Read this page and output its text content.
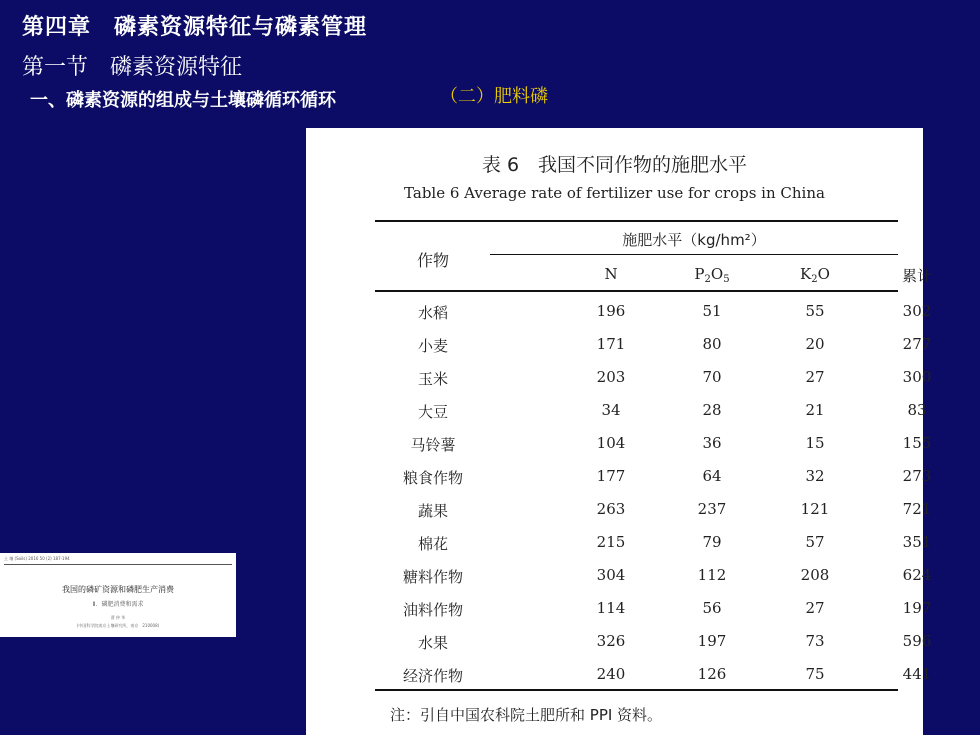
第四章　磷素资源特征与磷素管理
第一节　磷素资源特征
一、磷素资源的组成与土壤磷循环循环	（二）肥料磷
土 壤 (Soils) 2016 50 (2) 187-194
我国的磷矿资源和磷肥生产消费
Ⅱ．磷肥消费和需求
曹 仲 华
(中国科学院南京土壤研究所，南京　210008)
表 6　我国不同作物的施肥水平
Table 6 Average rate of fertilizer use for crops in China
作物
施肥水平（kg/hm²）
N	$P_2O_5$	$K_2O$	累计
水稻	196	51	55	302
小麦	171	80	20	277
玉米	203	70	27	300
大豆	34	28	21	83
马铃薯	104	36	15	155
粮食作物	177	64	32	273
蔬果	263	237	121	721
棉花	215	79	57	351
糖料作物	304	112	208	624
油料作物	114	56	27	197
水果	326	197	73	596
经济作物	240	126	75	441
注：引自中国农科院土肥所和 PPI 资料。
